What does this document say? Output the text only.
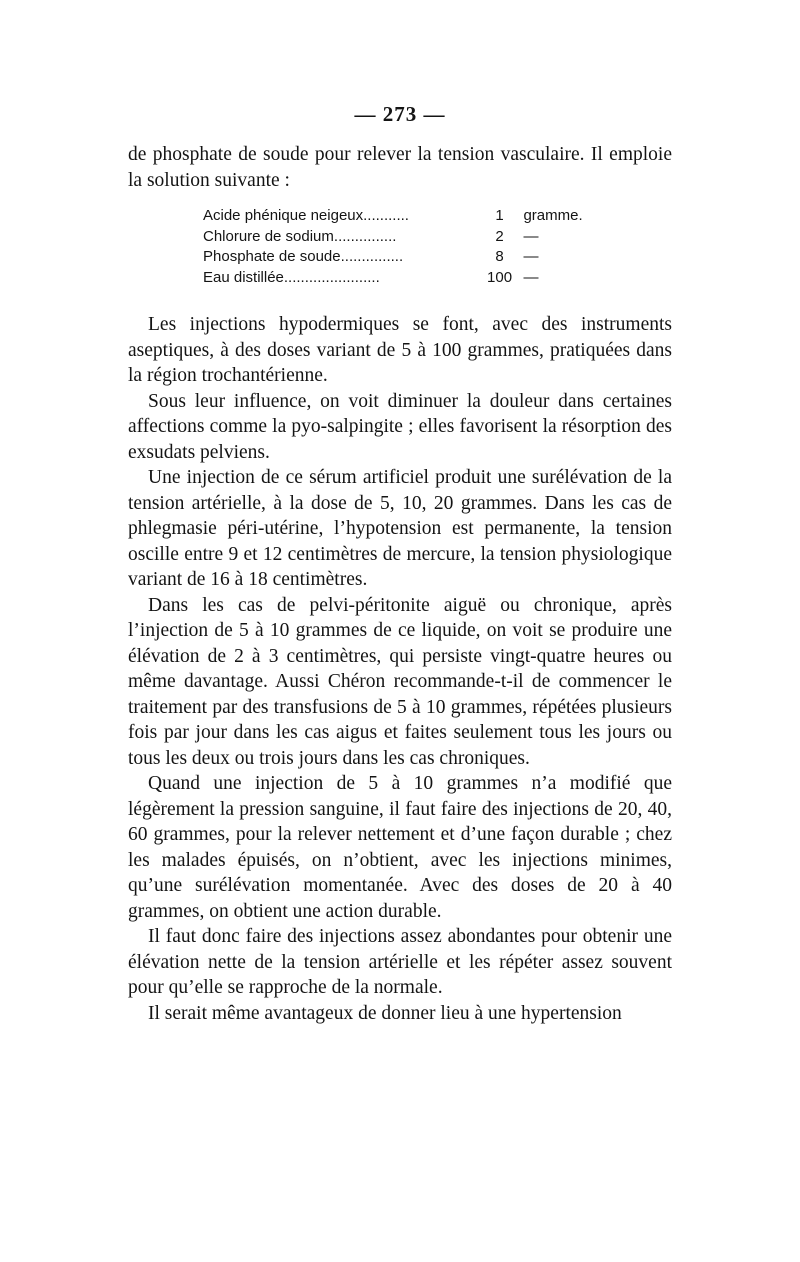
— 273 —

de phosphate de soude pour relever la tension vasculaire. Il emploie la solution suivante :

Acide phénique neigeux...........	1	gramme.
Chlorure de sodium...............	2	—
Phosphate de soude...............	8	—
Eau distillée.......................	100 —

Les injections hypodermiques se font, avec des instruments aseptiques, à des doses variant de 5 à 100 grammes, pratiquées dans la région trochantérienne.

Sous leur influence, on voit diminuer la douleur dans certaines affections comme la pyo-salpingite ; elles favorisent la résorption des exsudats pelviens.

Une injection de ce sérum artificiel produit une surélévation de la tension artérielle, à la dose de 5, 10, 20 grammes. Dans les cas de phlegmasie péri-utérine, l’hypotension est permanente, la tension oscille entre 9 et 12 centimètres de mercure, la tension physiologique variant de 16 à 18 centimètres.

Dans les cas de pelvi-péritonite aiguë ou chronique, après l’injection de 5 à 10 grammes de ce liquide, on voit se produire une élévation de 2 à 3 centimètres, qui persiste vingt-quatre heures ou même davantage. Aussi Chéron recommande-t-il de commencer le traitement par des transfusions de 5 à 10 grammes, répétées plusieurs fois par jour dans les cas aigus et faites seulement tous les jours ou tous les deux ou trois jours dans les cas chroniques.

Quand une injection de 5 à 10 grammes n’a modifié que légèrement la pression sanguine, il faut faire des injections de 20, 40, 60 grammes, pour la relever nettement et d’une façon durable ; chez les malades épuisés, on n’obtient, avec les injections minimes, qu’une surélévation momentanée. Avec des doses de 20 à 40 grammes, on obtient une action durable.

Il faut donc faire des injections assez abondantes pour obtenir une élévation nette de la tension artérielle et les répéter assez souvent pour qu’elle se rapproche de la normale.

Il serait même avantageux de donner lieu à une hypertension
